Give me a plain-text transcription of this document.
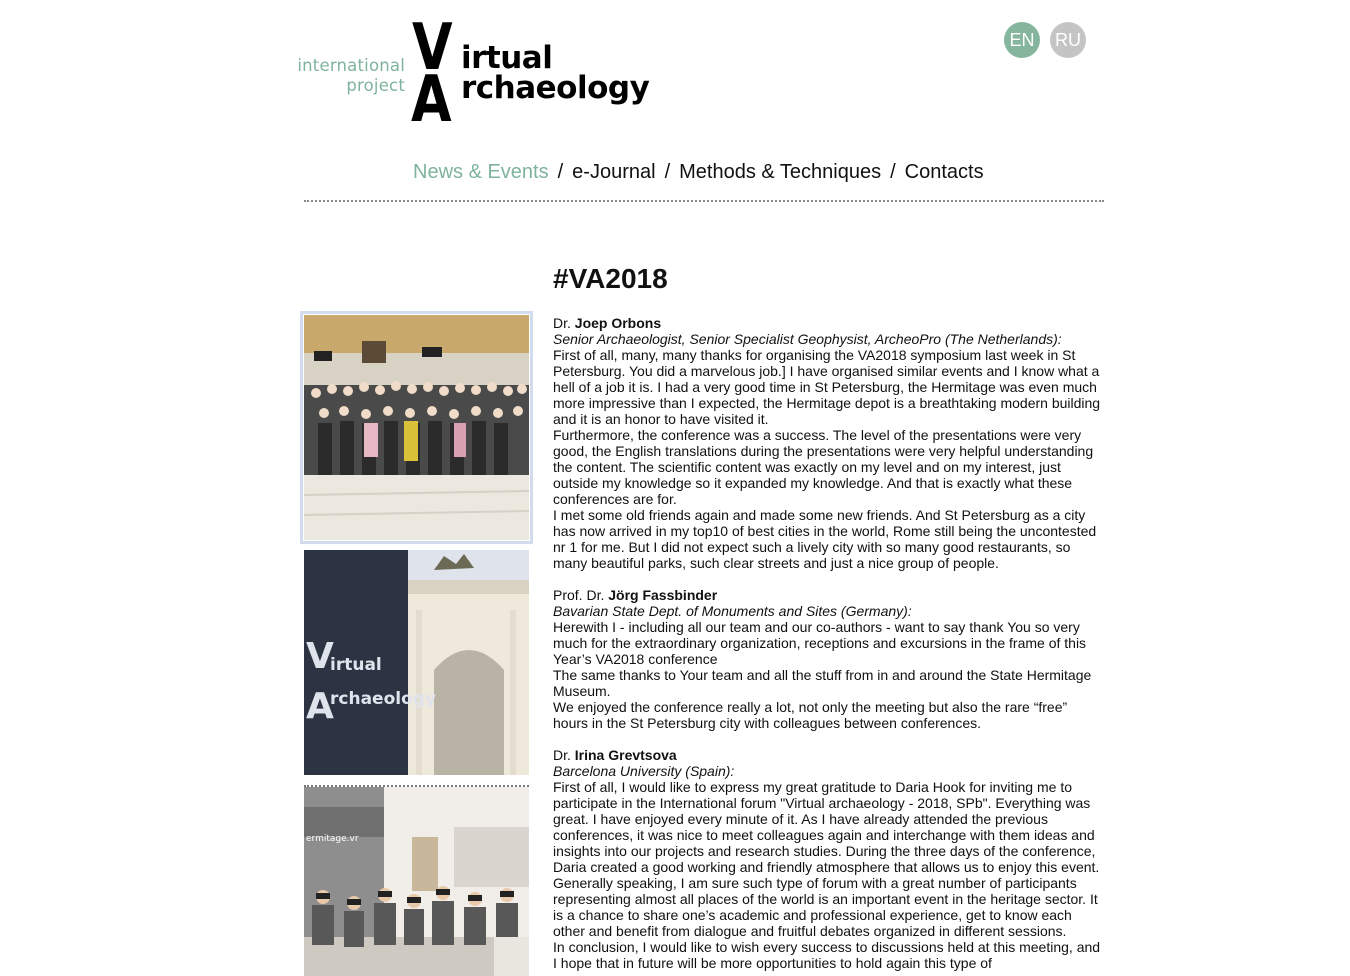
international
project
V
A
irtual
rchaeology
EN	RU
News & Events / e-Journal / Methods & Techniques / Contacts
V
irtual
A
rchaeology
ermitage.vr
#VA2018

Dr. Joep Orbons

Senior Archaeologist, Senior Specialist Geophysist, ArcheoPro (The Netherlands):

First of all, many, many thanks for organising the VA2018 symposium last week in St Petersburg. You did a marvelous job.] I have organised similar events and I know what a hell of a job it is. I had a very good time in St Petersburg, the Hermitage was even much more impressive than I expected, the Hermitage depot is a breathtaking modern building and it is an honor to have visited it.

Furthermore, the conference was a success. The level of the presentations were very good, the English translations during the presentations were very helpful understanding the content. The scientific content was exactly on my level and on my interest, just outside my knowledge so it expanded my knowledge. And that is exactly what these conferences are for.

I met some old friends again and made some new friends. And St Petersburg as a city has now arrived in my top10 of best cities in the world, Rome still being the uncontested nr 1 for me. But I did not expect such a lively city with so many good restaurants, so many beautiful parks, such clear streets and just a nice group of people.

Prof. Dr. Jörg Fassbinder

Bavarian State Dept. of Monuments and Sites (Germany):

Herewith I - including all our team and our co-authors - want to say thank You so very much for the extraordinary organization, receptions and excursions in the frame of this Year’s VA2018 conference

The same thanks to Your team and all the stuff from in and around the State Hermitage Museum.

We enjoyed the conference really a lot, not only the meeting but also the rare “free” hours in the St Petersburg city with colleagues between conferences.

Dr. Irina Grevtsova

Barcelona University (Spain):

First of all, I would like to express my great gratitude to Daria Hook for inviting me to participate in the International forum "Virtual archaeology - 2018, SPb". Everything was great. I have enjoyed every minute of it. As I have already attended the previous conferences, it was nice to meet colleagues again and interchange with them ideas and insights into our projects and research studies. During the three days of the conference, Daria created a good working and friendly atmosphere that allows us to enjoy this event.

Generally speaking, I am sure such type of forum with a great number of participants representing almost all places of the world is an important event in the heritage sector. It is a chance to share one’s academic and professional experience, get to know each other and benefit from dialogue and fruitful debates organized in different sessions.

In conclusion, I would like to wish every success to discussions held at this meeting, and I hope that in future will be more opportunities to hold again this type of
